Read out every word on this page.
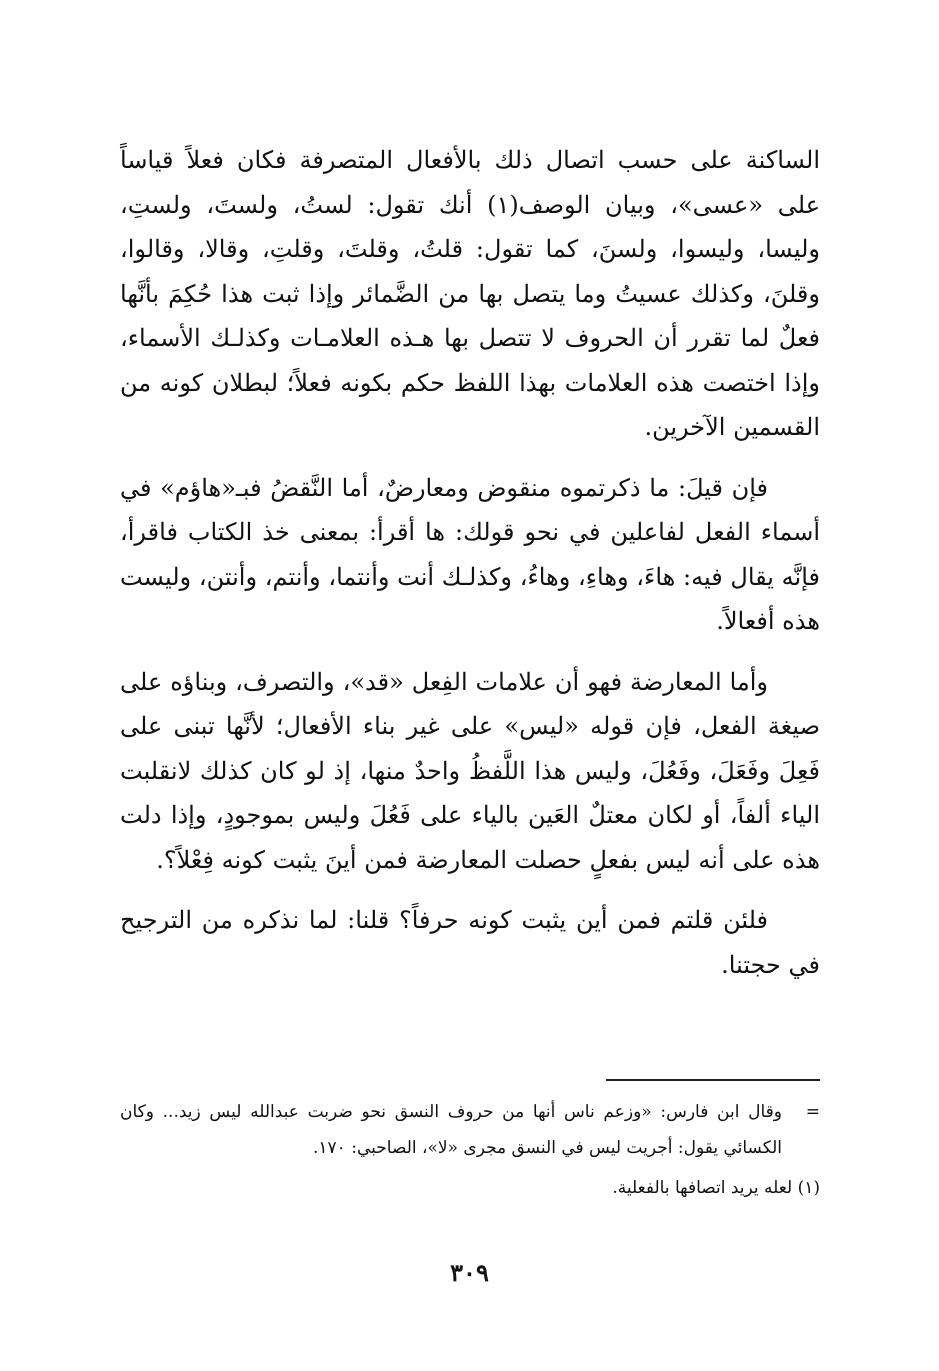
الساكنة على حسب اتصال ذلك بالأفعال المتصرفة فكان فعلاً قياساً على «عسى»، وبيان الوصف(١) أنك تقول: لستُ، ولستَ، ولستِ، وليسا، وليسوا، ولسنَ، كما تقول: قلتُ، وقلتَ، وقلتِ، وقالا، وقالوا، وقلنَ، وكذلك عسيتُ وما يتصل بها من الضَّمائر وإذا ثبت هذا حُكِمَ بأنَّها فعلٌ لما تقرر أن الحروف لا تتصل بها هـذه العلامـات وكذلـك الأسماء، وإذا اختصت هذه العلامات بهذا اللفظ حكم بكونه فعلاً؛ لبطلان كونه من القسمين الآخرين.

فإن قيلَ: ما ذكرتموه منقوض ومعارضٌ، أما النَّقضُ فبـ«هاؤم» في أسماء الفعل لفاعلين في نحو قولك: ها أقرأ: بمعنى خذ الكتاب فاقرأ، فإنَّه يقال فيه: هاءَ، وهاءِ، وهاءُ، وكذلـك أنت وأنتما، وأنتم، وأنتن، وليست هذه أفعالاً.

وأما المعارضة فهو أن علامات الفِعل «قد»، والتصرف، وبناؤه على صيغة الفعل، فإن قوله «ليس» على غير بناء الأفعال؛ لأنَّها تبنى على فَعِلَ وفَعَلَ، وفَعُلَ، وليس هذا اللَّفظُ واحدٌ منها، إذ لو كان كذلك لانقلبت الياء ألفاً، أو لكان معتلٌ العَين بالياء على فَعُلَ وليس بموجودٍ، وإذا دلت هذه على أنه ليس بفعلٍ حصلت المعارضة فمن أينَ يثبت كونه فِعْلاً؟.

فلئن قلتم فمن أين يثبت كونه حرفاً؟ قلنا: لما نذكره من الترجيح في حجتنا.

=
وقال ابن فارس: «وزعم ناس أنها من حروف النسق نحو ضربت عبدالله ليس زيد... وكان الكسائي يقول: أجريت ليس في النسق مجرى «لا»، الصاحبي: ١٧٠.

(١) لعله يريد اتصافها بالفعلية.

٣٠٩
